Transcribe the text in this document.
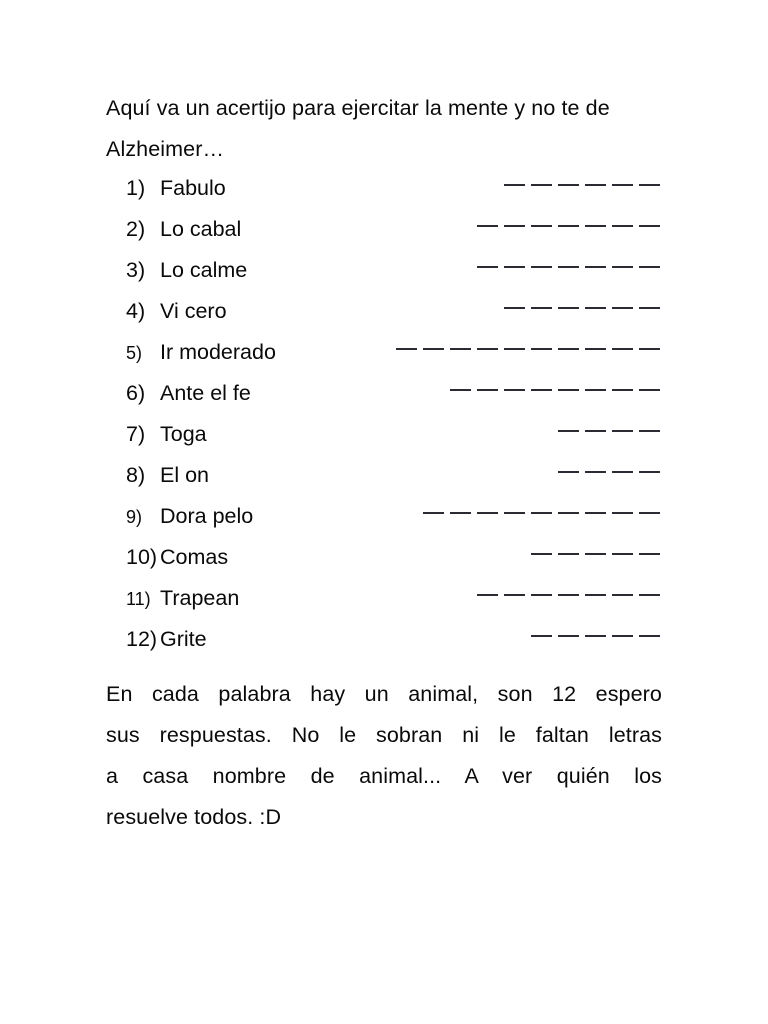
Aquí va un acertijo para ejercitar la mente y no te de Alzheimer…

1) Fabulo
2) Lo cabal
3) Lo calme
4) Vi cero
5) Ir moderado
6) Ante el fe
7) Toga
8) El on
9) Dora pelo
10) Comas
11) Trapean
12) Grite
En cada palabra hay un animal, son 12 espero
sus respuestas. No le sobran ni le faltan letras
a casa nombre de animal... A ver quién los
resuelve todos. :D
